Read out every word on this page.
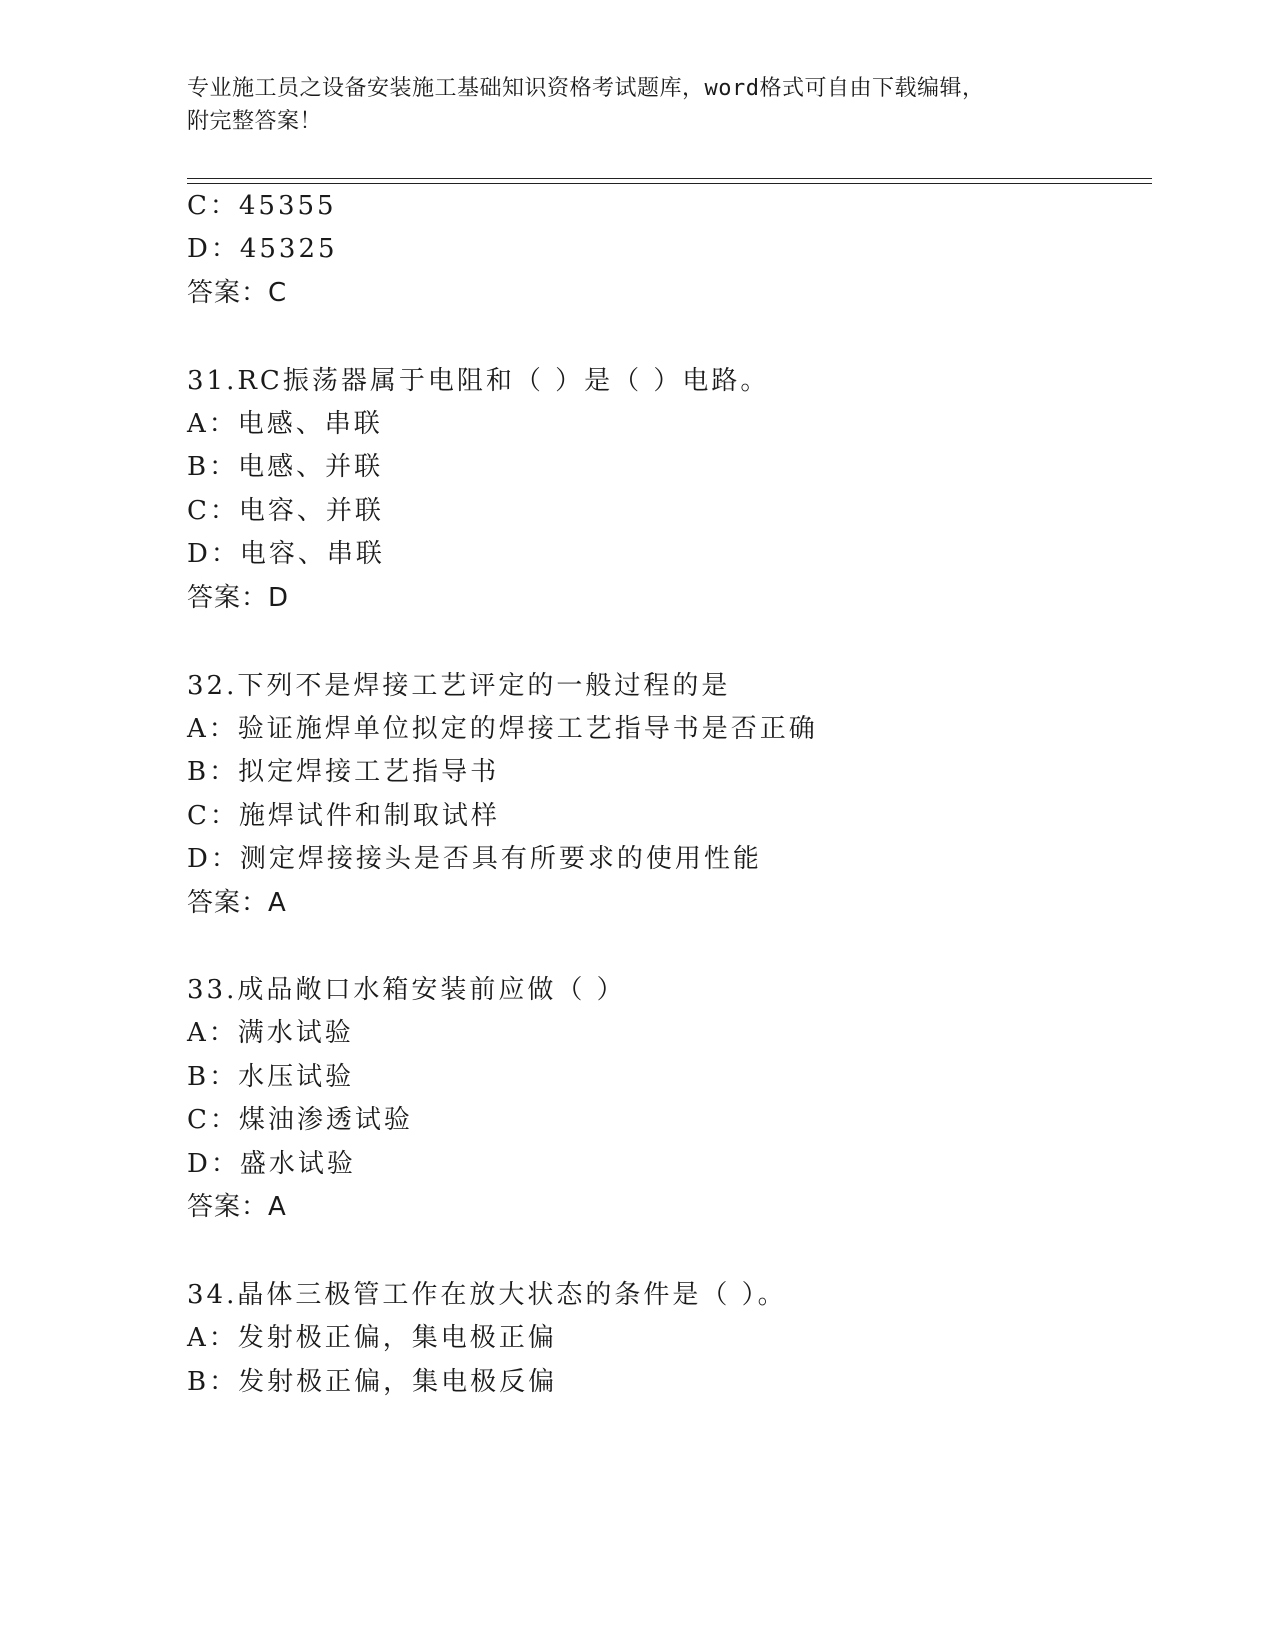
专业施工员之设备安装施工基础知识资格考试题库，word格式可自由下载编辑，
附完整答案！
C：45355
D：45325
答案：C
31.RC振荡器属于电阻和（ ）是（ ）电路。
A：电感、串联
B：电感、并联
C：电容、并联
D：电容、串联
答案：D
32.下列不是焊接工艺评定的一般过程的是
A：验证施焊单位拟定的焊接工艺指导书是否正确
B：拟定焊接工艺指导书
C：施焊试件和制取试样
D：测定焊接接头是否具有所要求的使用性能
答案：A
33.成品敞口水箱安装前应做（ ）
A：满水试验
B：水压试验
C：煤油渗透试验
D：盛水试验
答案：A
34.晶体三极管工作在放大状态的条件是（ ）。
A：发射极正偏，集电极正偏
B：发射极正偏，集电极反偏
